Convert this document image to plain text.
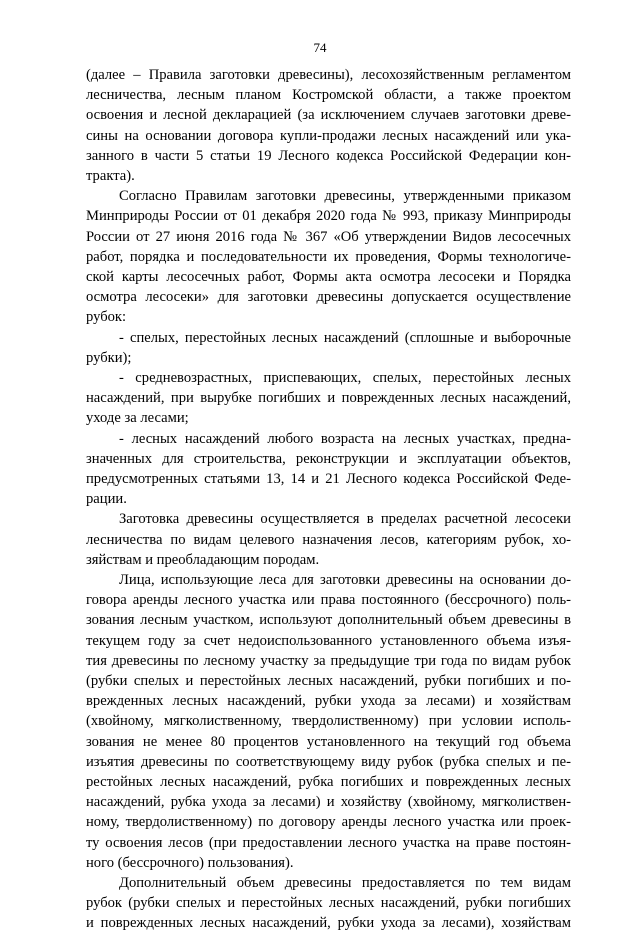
74
(далее – Правила заготовки древесины), лесохозяйственным регламентом
лесничества, лесным планом Костромской области, а также проектом
освоения и лесной декларацией (за исключением случаев заготовки древе-
сины на основании договора купли-продажи лесных насаждений или ука-
занного в части 5 статьи 19 Лесного кодекса Российской Федерации кон-
тракта).
Согласно Правилам заготовки древесины, утвержденными приказом
Минприроды России от 01 декабря 2020 года № 993, приказу Минприроды
России от 27 июня 2016 года № 367 «Об утверждении Видов лесосечных
работ, порядка и последовательности их проведения, Формы технологиче-
ской карты лесосечных работ, Формы акта осмотра лесосеки и Порядка
осмотра лесосеки» для заготовки древесины допускается осуществление
рубок:
- спелых, перестойных лесных насаждений (сплошные и выборочные
рубки);
- средневозрастных, приспевающих, спелых, перестойных лесных
насаждений, при вырубке погибших и поврежденных лесных насаждений,
уходе за лесами;
- лесных насаждений любого возраста на лесных участках, предна-
значенных для строительства, реконструкции и эксплуатации объектов,
предусмотренных статьями 13, 14 и 21 Лесного кодекса Российской Феде-
рации.
Заготовка древесины осуществляется в пределах расчетной лесосеки
лесничества по видам целевого назначения лесов, категориям рубок, хо-
зяйствам и преобладающим породам.
Лица, использующие леса для заготовки древесины на основании до-
говора аренды лесного участка или права постоянного (бессрочного) поль-
зования лесным участком, используют дополнительный объем древесины в
текущем году за счет недоиспользованного установленного объема изъя-
тия древесины по лесному участку за предыдущие три года по видам рубок
(рубки спелых и перестойных лесных насаждений, рубки погибших и по-
врежденных лесных насаждений, рубки ухода за лесами) и хозяйствам
(хвойному, мягколиственному, твердолиственному) при условии исполь-
зования не менее 80 процентов установленного на текущий год объема
изъятия древесины по соответствующему виду рубок (рубка спелых и пе-
рестойных лесных насаждений, рубка погибших и поврежденных лесных
насаждений, рубка ухода за лесами) и хозяйству (хвойному, мягколиствен-
ному, твердолиственному) по договору аренды лесного участка или проек-
ту освоения лесов (при предоставлении лесного участка на праве постоян-
ного (бессрочного) пользования).
Дополнительный объем древесины предоставляется по тем видам
рубок (рубки спелых и перестойных лесных насаждений, рубки погибших
и поврежденных лесных насаждений, рубки ухода за лесами), хозяйствам
